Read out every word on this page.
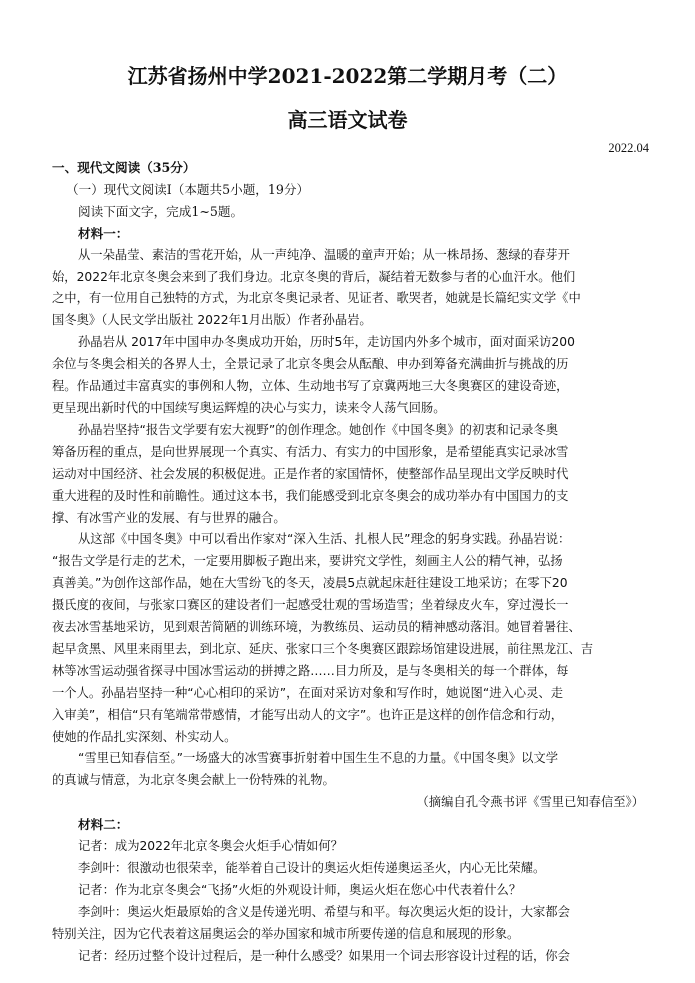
江苏省扬州中学2021-2022第二学期月考（二）
高三语文试卷
2022.04

一、现代文阅读（35分）

（一）现代文阅读Ⅰ（本题共5小题，19分）

阅读下面文字，完成1~5题。

材料一：

从一朵晶莹、素洁的雪花开始，从一声纯净、温暖的童声开始；从一株昂扬、葱绿的春芽开

始，2022年北京冬奥会来到了我们身边。北京冬奥的背后，凝结着无数参与者的心血汗水。他们

之中，有一位用自己独特的方式，为北京冬奥记录者、见证者、歌哭者，她就是长篇纪实文学《中

国冬奥》（人民文学出版社 2022年1月出版）作者孙晶岩。

孙晶岩从 2017年中国申办冬奥成功开始，历时5年，走访国内外多个城市，面对面采访200

余位与冬奥会相关的各界人士，全景记录了北京冬奥会从酝酿、申办到筹备充满曲折与挑战的历

程。作品通过丰富真实的事例和人物，立体、生动地书写了京冀两地三大冬奥赛区的建设奇迹，

更呈现出新时代的中国续写奥运辉煌的决心与实力，读来令人荡气回肠。

孙晶岩坚持“报告文学要有宏大视野”的创作理念。她创作《中国冬奥》的初衷和记录冬奥

筹备历程的重点，是向世界展现一个真实、有活力、有实力的中国形象，是希望能真实记录冰雪

运动对中国经济、社会发展的积极促进。正是作者的家国情怀，使整部作品呈现出文学反映时代

重大进程的及时性和前瞻性。通过这本书，我们能感受到北京冬奥会的成功举办有中国国力的支

撑、有冰雪产业的发展、有与世界的融合。

从这部《中国冬奥》中可以看出作家对“深入生活、扎根人民”理念的躬身实践。孙晶岩说：

“报告文学是行走的艺术，一定要用脚板子跑出来，要讲究文学性，刻画主人公的精气神，弘扬

真善美。”为创作这部作品，她在大雪纷飞的冬天，凌晨5点就起床赶往建设工地采访；在零下20

摄氏度的夜间，与张家口赛区的建设者们一起感受壮观的雪场造雪；坐着绿皮火车，穿过漫长一

夜去冰雪基地采访，见到艰苦简陋的训练环境，为教练员、运动员的精神感动落泪。她冒着暑往、

起早贪黑、风里来雨里去，到北京、延庆、张家口三个冬奥赛区跟踪场馆建设进展，前往黑龙江、吉

林等冰雪运动强省探寻中国冰雪运动的拼搏之路……目力所及，是与冬奥相关的每一个群体，每

一个人。孙晶岩坚持一种“心心相印的采访”，在面对采访对象和写作时，她说图“进入心灵、走

入审美”，相信“只有笔端常带感情，才能写出动人的文字”。也许正是这样的创作信念和行动，

使她的作品扎实深刻、朴实动人。

“雪里已知春信至。”一场盛大的冰雪赛事折射着中国生生不息的力量。《中国冬奥》以文学

的真诚与情意，为北京冬奥会献上一份特殊的礼物。

（摘编自孔令燕书评《雪里已知春信至》）

材料二：

记者：成为2022年北京冬奥会火炬手心情如何？

李剑叶：很激动也很荣幸，能举着自己设计的奥运火炬传递奥运圣火，内心无比荣耀。

记者：作为北京冬奥会“飞扬”火炬的外观设计师，奥运火炬在您心中代表着什么？

李剑叶：奥运火炬最原始的含义是传递光明、希望与和平。每次奥运火炬的设计，大家都会

特别关注，因为它代表着这届奥运会的举办国家和城市所要传递的信息和展现的形象。

记者：经历过整个设计过程后，是一种什么感受？如果用一个词去形容设计过程的话，你会
